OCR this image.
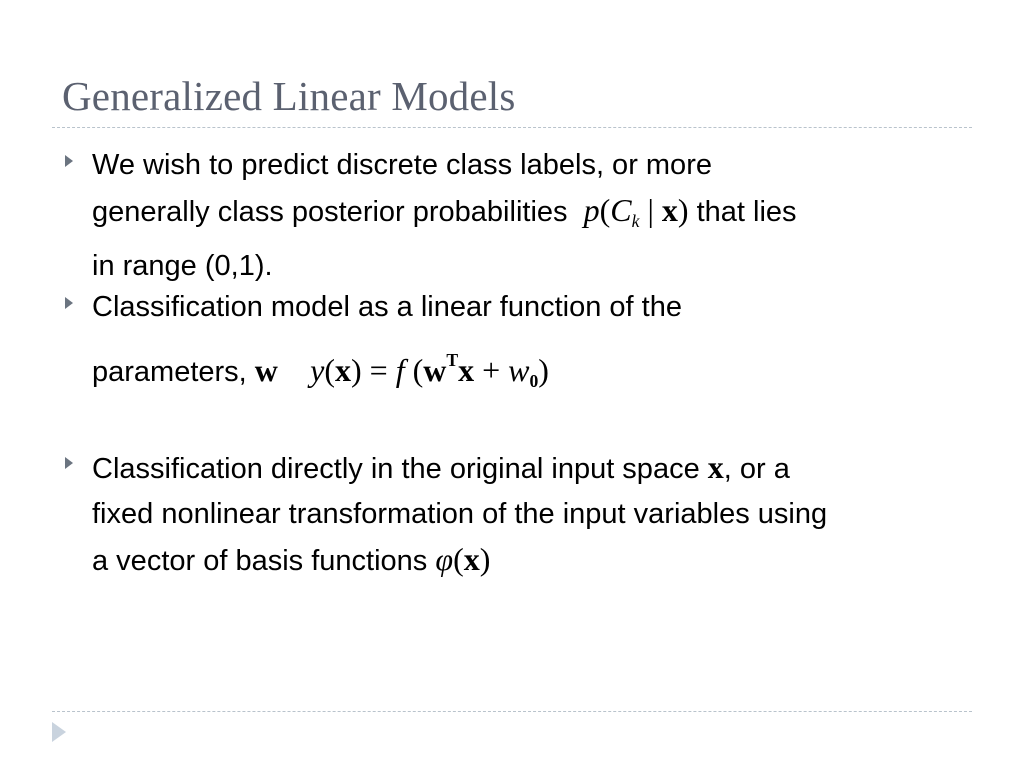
Generalized Linear Models
We wish to predict discrete class labels, or more
generally class posterior probabilities $p(C_k$ | x) that lies
in range (0,1).
Classification model as a linear function of the
parameters, w y(x) = f $(w^Tx + w_0)$
Classification directly in the original input space x, or a
fixed nonlinear transformation of the input variables using
a vector of basis functions φ(x)
